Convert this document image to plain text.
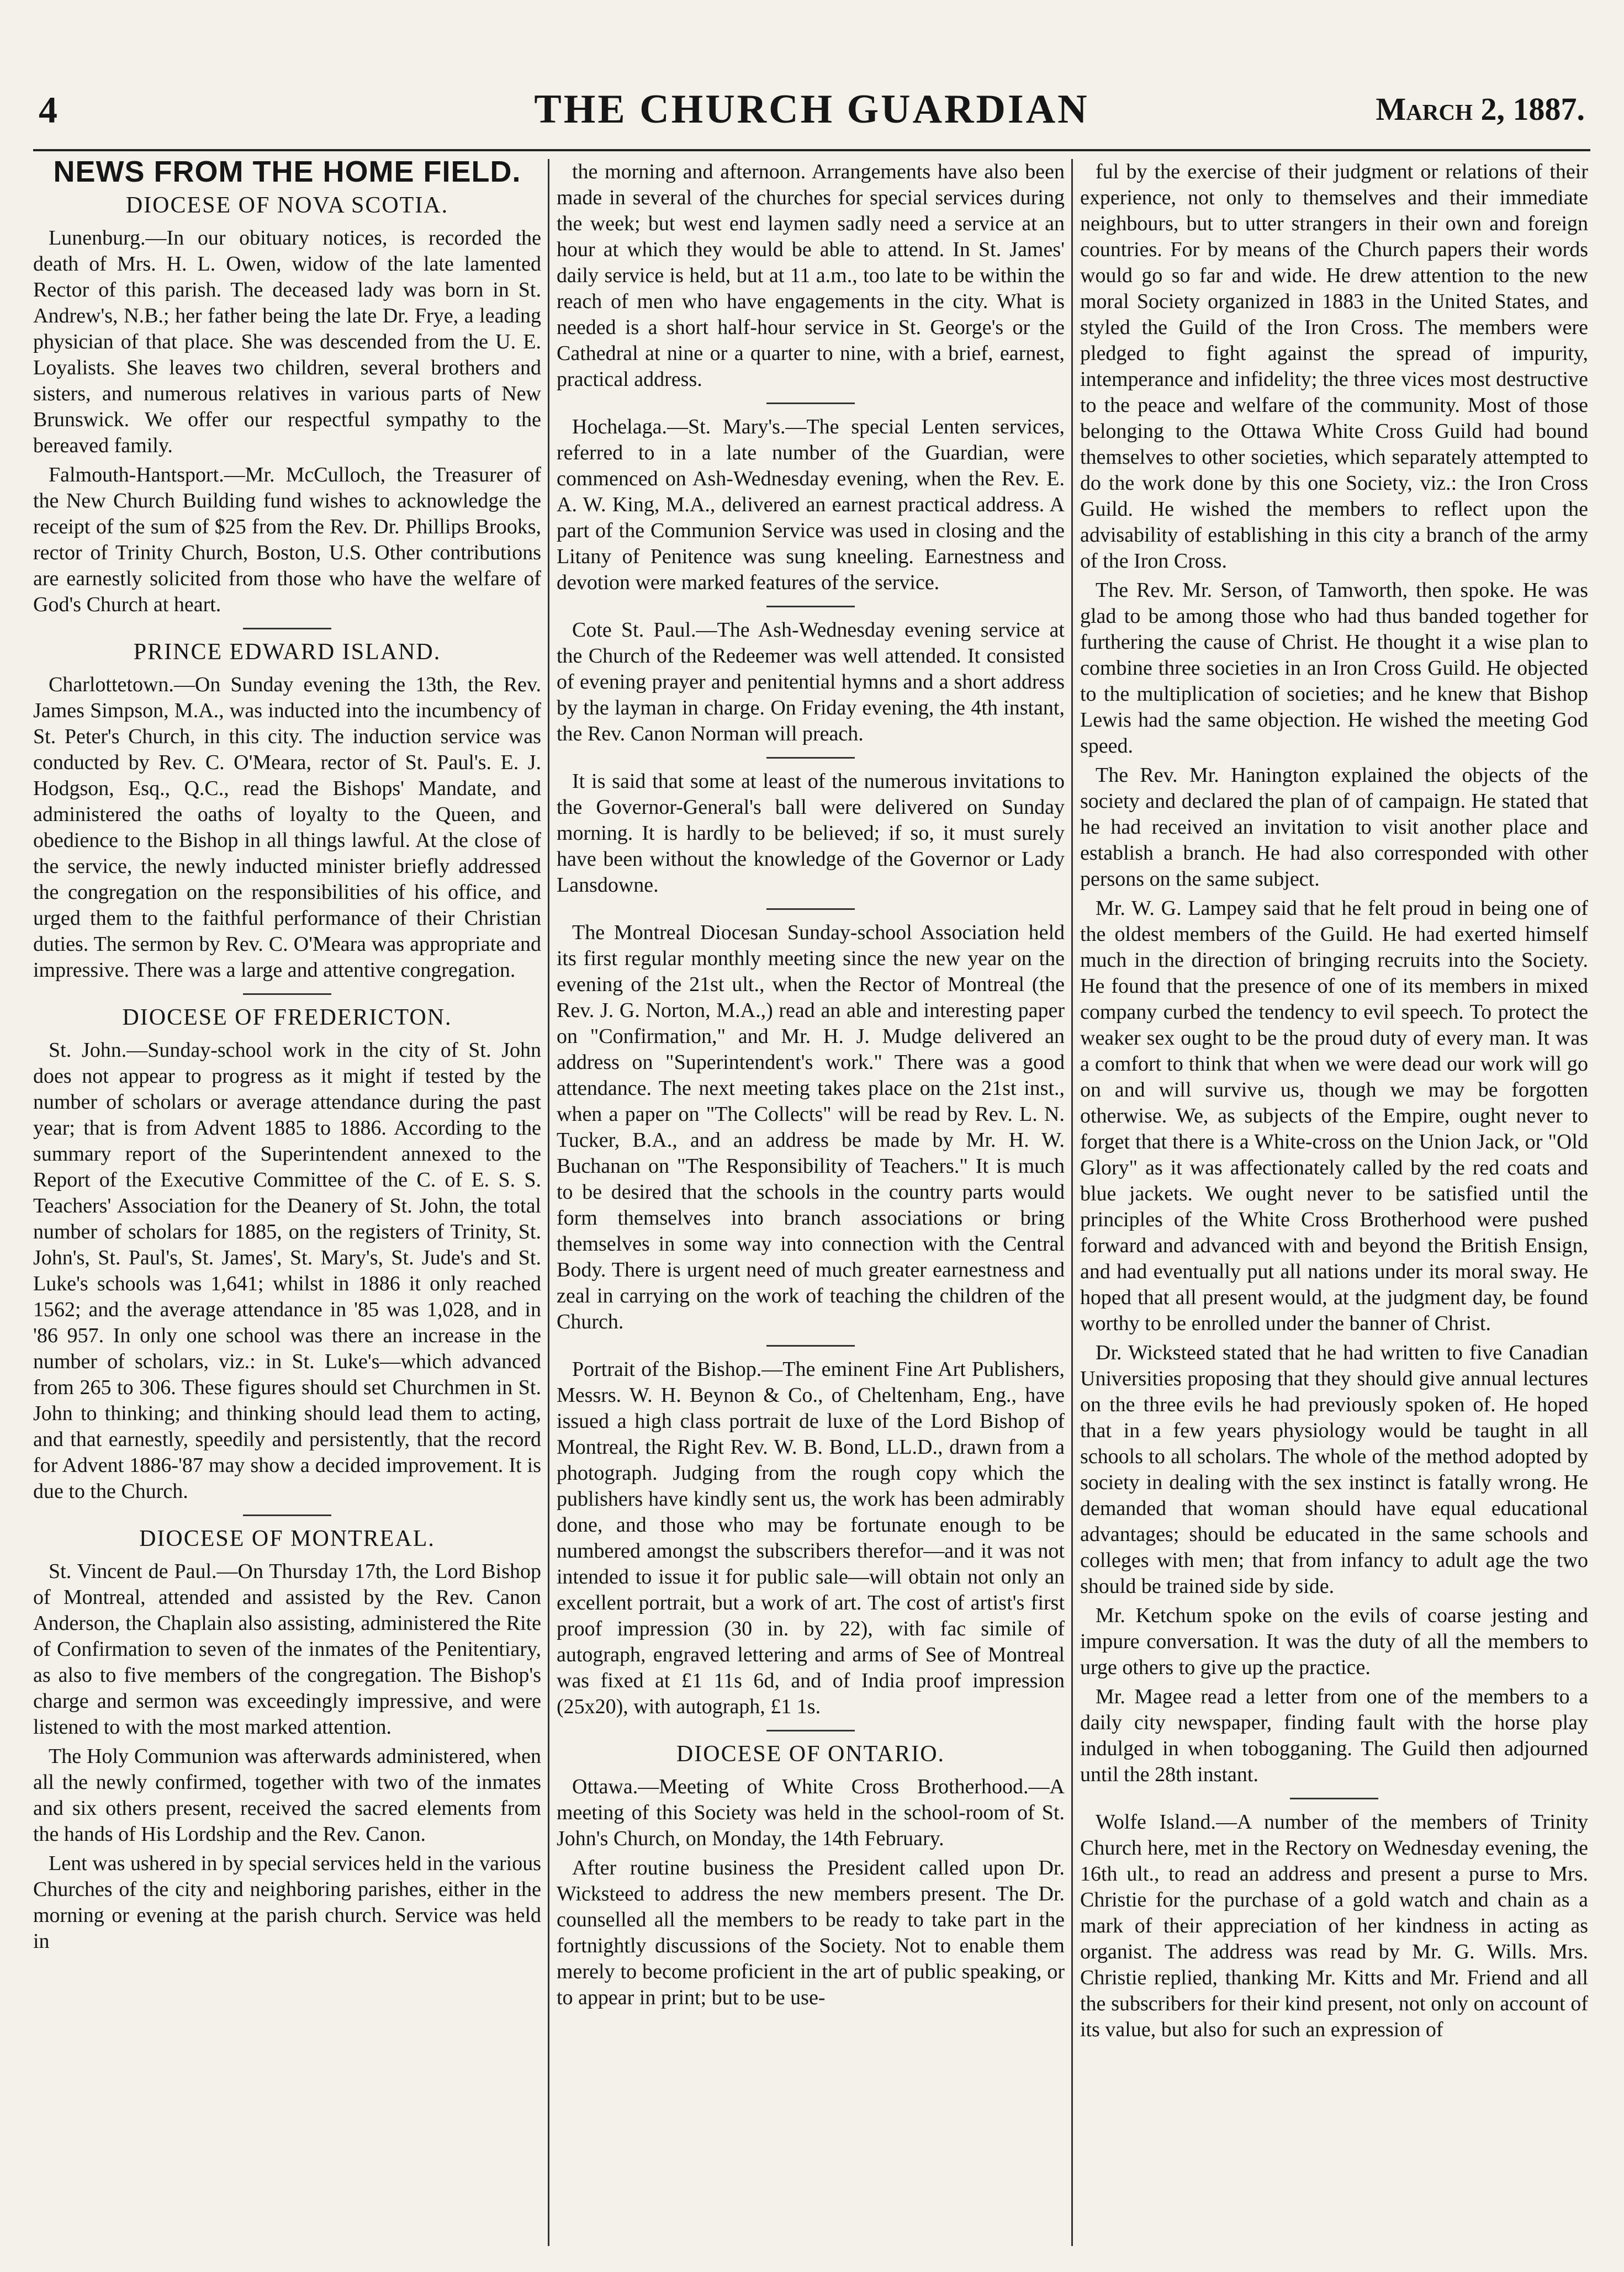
4	THE CHURCH GUARDIAN	March 2, 1887.
NEWS FROM THE HOME FIELD.
DIOCESE OF NOVA SCOTIA.

Lunenburg.—In our obituary notices, is recorded the death of Mrs. H. L. Owen, widow of the late lamented Rector of this parish. The deceased lady was born in St. Andrew's, N.B.; her father being the late Dr. Frye, a leading physician of that place. She was descended from the U. E. Loyalists. She leaves two children, several brothers and sisters, and numerous relatives in various parts of New Brunswick. We offer our respectful sympathy to the bereaved family.

Falmouth-Hantsport.—Mr. McCulloch, the Treasurer of the New Church Building fund wishes to acknowledge the receipt of the sum of $25 from the Rev. Dr. Phillips Brooks, rector of Trinity Church, Boston, U.S. Other contributions are earnestly solicited from those who have the welfare of God's Church at heart.

PRINCE EDWARD ISLAND.

Charlottetown.—On Sunday evening the 13th, the Rev. James Simpson, M.A., was inducted into the incumbency of St. Peter's Church, in this city. The induction service was conducted by Rev. C. O'Meara, rector of St. Paul's. E. J. Hodgson, Esq., Q.C., read the Bishops' Mandate, and administered the oaths of loyalty to the Queen, and obedience to the Bishop in all things lawful. At the close of the service, the newly inducted minister briefly addressed the congregation on the responsibilities of his office, and urged them to the faithful performance of their Christian duties. The sermon by Rev. C. O'Meara was appropriate and impressive. There was a large and attentive congregation.

DIOCESE OF FREDERICTON.

St. John.—Sunday-school work in the city of St. John does not appear to progress as it might if tested by the number of scholars or average attendance during the past year; that is from Advent 1885 to 1886. According to the summary report of the Superintendent annexed to the Report of the Executive Committee of the C. of E. S. S. Teachers' Association for the Deanery of St. John, the total number of scholars for 1885, on the registers of Trinity, St. John's, St. Paul's, St. James', St. Mary's, St. Jude's and St. Luke's schools was 1,641; whilst in 1886 it only reached 1562; and the average attendance in '85 was 1,028, and in '86 957. In only one school was there an increase in the number of scholars, viz.: in St. Luke's—which advanced from 265 to 306. These figures should set Churchmen in St. John to thinking; and thinking should lead them to acting, and that earnestly, speedily and persistently, that the record for Advent 1886-'87 may show a decided improvement. It is due to the Church.

DIOCESE OF MONTREAL.

St. Vincent de Paul.—On Thursday 17th, the Lord Bishop of Montreal, attended and assisted by the Rev. Canon Anderson, the Chaplain also assisting, administered the Rite of Confirmation to seven of the inmates of the Penitentiary, as also to five members of the congregation. The Bishop's charge and sermon was exceedingly impressive, and were listened to with the most marked attention.

The Holy Communion was afterwards administered, when all the newly confirmed, together with two of the inmates and six others present, received the sacred elements from the hands of His Lordship and the Rev. Canon.

Lent was ushered in by special services held in the various Churches of the city and neighboring parishes, either in the morning or evening at the parish church. Service was held in

the morning and afternoon. Arrangements have also been made in several of the churches for special services during the week; but west end laymen sadly need a service at an hour at which they would be able to attend. In St. James' daily service is held, but at 11 a.m., too late to be within the reach of men who have engagements in the city. What is needed is a short half-hour service in St. George's or the Cathedral at nine or a quarter to nine, with a brief, earnest, practical address.

Hochelaga.—St. Mary's.—The special Lenten services, referred to in a late number of the Guardian, were commenced on Ash-Wednesday evening, when the Rev. E. A. W. King, M.A., delivered an earnest practical address. A part of the Communion Service was used in closing and the Litany of Penitence was sung kneeling. Earnestness and devotion were marked features of the service.

Cote St. Paul.—The Ash-Wednesday evening service at the Church of the Redeemer was well attended. It consisted of evening prayer and penitential hymns and a short address by the layman in charge. On Friday evening, the 4th instant, the Rev. Canon Norman will preach.

It is said that some at least of the numerous invitations to the Governor-General's ball were delivered on Sunday morning. It is hardly to be believed; if so, it must surely have been without the knowledge of the Governor or Lady Lansdowne.

The Montreal Diocesan Sunday-school Association held its first regular monthly meeting since the new year on the evening of the 21st ult., when the Rector of Montreal (the Rev. J. G. Norton, M.A.,) read an able and interesting paper on "Confirmation," and Mr. H. J. Mudge delivered an address on "Superintendent's work." There was a good attendance. The next meeting takes place on the 21st inst., when a paper on "The Collects" will be read by Rev. L. N. Tucker, B.A., and an address be made by Mr. H. W. Buchanan on "The Responsibility of Teachers." It is much to be desired that the schools in the country parts would form themselves into branch associations or bring themselves in some way into connection with the Central Body. There is urgent need of much greater earnestness and zeal in carrying on the work of teaching the children of the Church.

Portrait of the Bishop.—The eminent Fine Art Publishers, Messrs. W. H. Beynon & Co., of Cheltenham, Eng., have issued a high class portrait de luxe of the Lord Bishop of Montreal, the Right Rev. W. B. Bond, LL.D., drawn from a photograph. Judging from the rough copy which the publishers have kindly sent us, the work has been admirably done, and those who may be fortunate enough to be numbered amongst the subscribers therefor—and it was not intended to issue it for public sale—will obtain not only an excellent portrait, but a work of art. The cost of artist's first proof impression (30 in. by 22), with fac simile of autograph, engraved lettering and arms of See of Montreal was fixed at £1 11s 6d, and of India proof impression (25x20), with autograph, £1 1s.

DIOCESE OF ONTARIO.

Ottawa.—Meeting of White Cross Brotherhood.—A meeting of this Society was held in the school-room of St. John's Church, on Monday, the 14th February.

After routine business the President called upon Dr. Wicksteed to address the new members present. The Dr. counselled all the members to be ready to take part in the fortnightly discussions of the Society. Not to enable them merely to become proficient in the art of public speaking, or to appear in print; but to be use-

ful by the exercise of their judgment or relations of their experience, not only to themselves and their immediate neighbours, but to utter strangers in their own and foreign countries. For by means of the Church papers their words would go so far and wide. He drew attention to the new moral Society organized in 1883 in the United States, and styled the Guild of the Iron Cross. The members were pledged to fight against the spread of impurity, intemperance and infidelity; the three vices most destructive to the peace and welfare of the community. Most of those belonging to the Ottawa White Cross Guild had bound themselves to other societies, which separately attempted to do the work done by this one Society, viz.: the Iron Cross Guild. He wished the members to reflect upon the advisability of establishing in this city a branch of the army of the Iron Cross.

The Rev. Mr. Serson, of Tamworth, then spoke. He was glad to be among those who had thus banded together for furthering the cause of Christ. He thought it a wise plan to combine three societies in an Iron Cross Guild. He objected to the multiplication of societies; and he knew that Bishop Lewis had the same objection. He wished the meeting God speed.

The Rev. Mr. Hanington explained the objects of the society and declared the plan of of campaign. He stated that he had received an invitation to visit another place and establish a branch. He had also corresponded with other persons on the same subject.

Mr. W. G. Lampey said that he felt proud in being one of the oldest members of the Guild. He had exerted himself much in the direction of bringing recruits into the Society. He found that the presence of one of its members in mixed company curbed the tendency to evil speech. To protect the weaker sex ought to be the proud duty of every man. It was a comfort to think that when we were dead our work will go on and will survive us, though we may be forgotten otherwise. We, as subjects of the Empire, ought never to forget that there is a White-cross on the Union Jack, or "Old Glory" as it was affectionately called by the red coats and blue jackets. We ought never to be satisfied until the principles of the White Cross Brotherhood were pushed forward and advanced with and beyond the British Ensign, and had eventually put all nations under its moral sway. He hoped that all present would, at the judgment day, be found worthy to be enrolled under the banner of Christ.

Dr. Wicksteed stated that he had written to five Canadian Universities proposing that they should give annual lectures on the three evils he had previously spoken of. He hoped that in a few years physiology would be taught in all schools to all scholars. The whole of the method adopted by society in dealing with the sex instinct is fatally wrong. He demanded that woman should have equal educational advantages; should be educated in the same schools and colleges with men; that from infancy to adult age the two should be trained side by side.

Mr. Ketchum spoke on the evils of coarse jesting and impure conversation. It was the duty of all the members to urge others to give up the practice.

Mr. Magee read a letter from one of the members to a daily city newspaper, finding fault with the horse play indulged in when tobogganing. The Guild then adjourned until the 28th instant.

Wolfe Island.—A number of the members of Trinity Church here, met in the Rectory on Wednesday evening, the 16th ult., to read an address and present a purse to Mrs. Christie for the purchase of a gold watch and chain as a mark of their appreciation of her kindness in acting as organist. The address was read by Mr. G. Wills. Mrs. Christie replied, thanking Mr. Kitts and Mr. Friend and all the subscribers for their kind present, not only on account of its value, but also for such an expression of
